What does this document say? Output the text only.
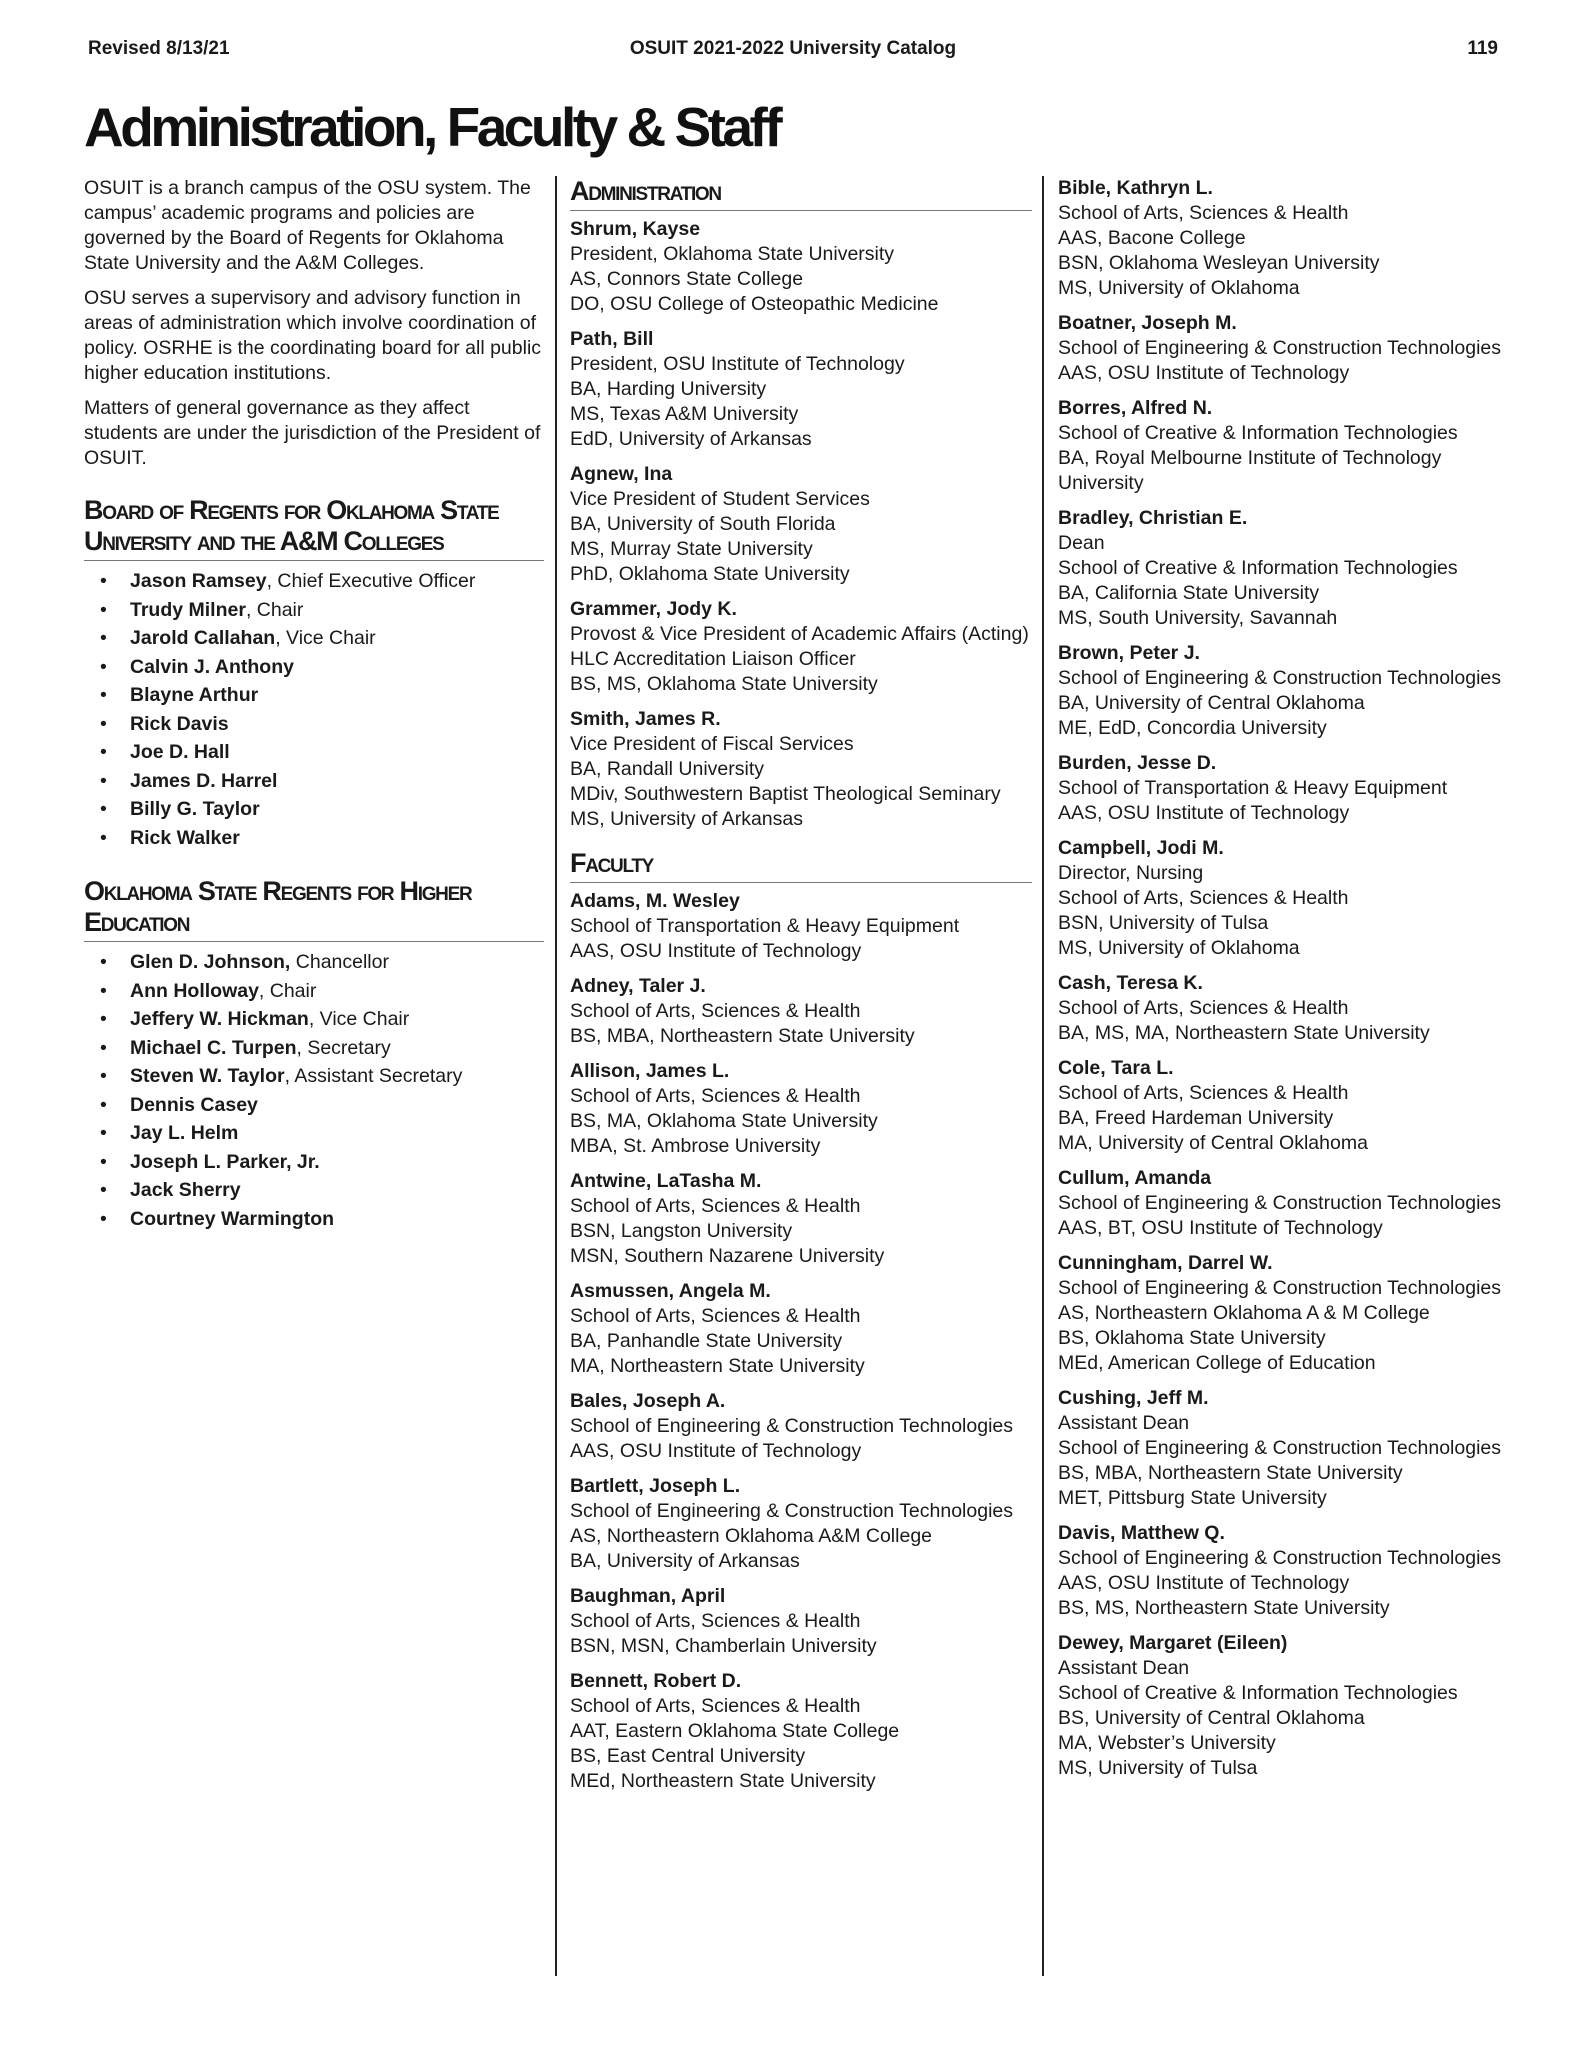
Revised 8/13/21	OSUIT 2021-2022 University Catalog	119
Administration, Faculty & Staff

OSUIT is a branch campus of the OSU system. The campus’ academic programs and policies are governed by the Board of Regents for Oklahoma State University and the A&M Colleges.

OSU serves a supervisory and advisory function in areas of administration which involve coordination of policy. OSRHE is the coordinating board for all public higher education institutions.

Matters of general governance as they affect students are under the jurisdiction of the President of OSUIT.

Board of Regents for Oklahoma State University and the A&M Colleges
• Jason Ramsey, Chief Executive Officer
• Trudy Milner, Chair
• Jarold Callahan, Vice Chair
• Calvin J. Anthony
• Blayne Arthur
• Rick Davis
• Joe D. Hall
• James D. Harrel
• Billy G. Taylor
• Rick Walker
Oklahoma State Regents for Higher Education
• Glen D. Johnson, Chancellor
• Ann Holloway, Chair
• Jeffery W. Hickman, Vice Chair
• Michael C. Turpen, Secretary
• Steven W. Taylor, Assistant Secretary
• Dennis Casey
• Jay L. Helm
• Joseph L. Parker, Jr.
• Jack Sherry
• Courtney Warmington
Administration
Shrum, Kayse
President, Oklahoma State University
AS, Connors State College
DO, OSU College of Osteopathic Medicine
Path, Bill
President, OSU Institute of Technology
BA, Harding University
MS, Texas A&M University
EdD, University of Arkansas
Agnew, Ina
Vice President of Student Services
BA, University of South Florida
MS, Murray State University
PhD, Oklahoma State University
Grammer, Jody K.
Provost & Vice President of Academic Affairs (Acting)
HLC Accreditation Liaison Officer
BS, MS, Oklahoma State University
Smith, James R.
Vice President of Fiscal Services
BA, Randall University
MDiv, Southwestern Baptist Theological Seminary
MS, University of Arkansas
Faculty
Adams, M. Wesley
School of Transportation & Heavy Equipment
AAS, OSU Institute of Technology
Adney, Taler J.
School of Arts, Sciences & Health
BS, MBA, Northeastern State University
Allison, James L.
School of Arts, Sciences & Health
BS, MA, Oklahoma State University
MBA, St. Ambrose University
Antwine, LaTasha M.
School of Arts, Sciences & Health
BSN, Langston University
MSN, Southern Nazarene University
Asmussen, Angela M.
School of Arts, Sciences & Health
BA, Panhandle State University
MA, Northeastern State University
Bales, Joseph A.
School of Engineering & Construction Technologies
AAS, OSU Institute of Technology
Bartlett, Joseph L.
School of Engineering & Construction Technologies
AS, Northeastern Oklahoma A&M College
BA, University of Arkansas
Baughman, April
School of Arts, Sciences & Health
BSN, MSN, Chamberlain University
Bennett, Robert D.
School of Arts, Sciences & Health
AAT, Eastern Oklahoma State College
BS, East Central University
MEd, Northeastern State University
Bible, Kathryn L.
School of Arts, Sciences & Health
AAS, Bacone College
BSN, Oklahoma Wesleyan University
MS, University of Oklahoma
Boatner, Joseph M.
School of Engineering & Construction Technologies
AAS, OSU Institute of Technology
Borres, Alfred N.
School of Creative & Information Technologies
BA, Royal Melbourne Institute of Technology University
Bradley, Christian E.
Dean
School of Creative & Information Technologies
BA, California State University
MS, South University, Savannah
Brown, Peter J.
School of Engineering & Construction Technologies
BA, University of Central Oklahoma
ME, EdD, Concordia University
Burden, Jesse D.
School of Transportation & Heavy Equipment
AAS, OSU Institute of Technology
Campbell, Jodi M.
Director, Nursing
School of Arts, Sciences & Health
BSN, University of Tulsa
MS, University of Oklahoma
Cash, Teresa K.
School of Arts, Sciences & Health
BA, MS, MA, Northeastern State University
Cole, Tara L.
School of Arts, Sciences & Health
BA, Freed Hardeman University
MA, University of Central Oklahoma
Cullum, Amanda
School of Engineering & Construction Technologies
AAS, BT, OSU Institute of Technology
Cunningham, Darrel W.
School of Engineering & Construction Technologies
AS, Northeastern Oklahoma A & M College
BS, Oklahoma State University
MEd, American College of Education
Cushing, Jeff M.
Assistant Dean
School of Engineering & Construction Technologies
BS, MBA, Northeastern State University
MET, Pittsburg State University
Davis, Matthew Q.
School of Engineering & Construction Technologies
AAS, OSU Institute of Technology
BS, MS, Northeastern State University
Dewey, Margaret (Eileen)
Assistant Dean
School of Creative & Information Technologies
BS, University of Central Oklahoma
MA, Webster’s University
MS, University of Tulsa
